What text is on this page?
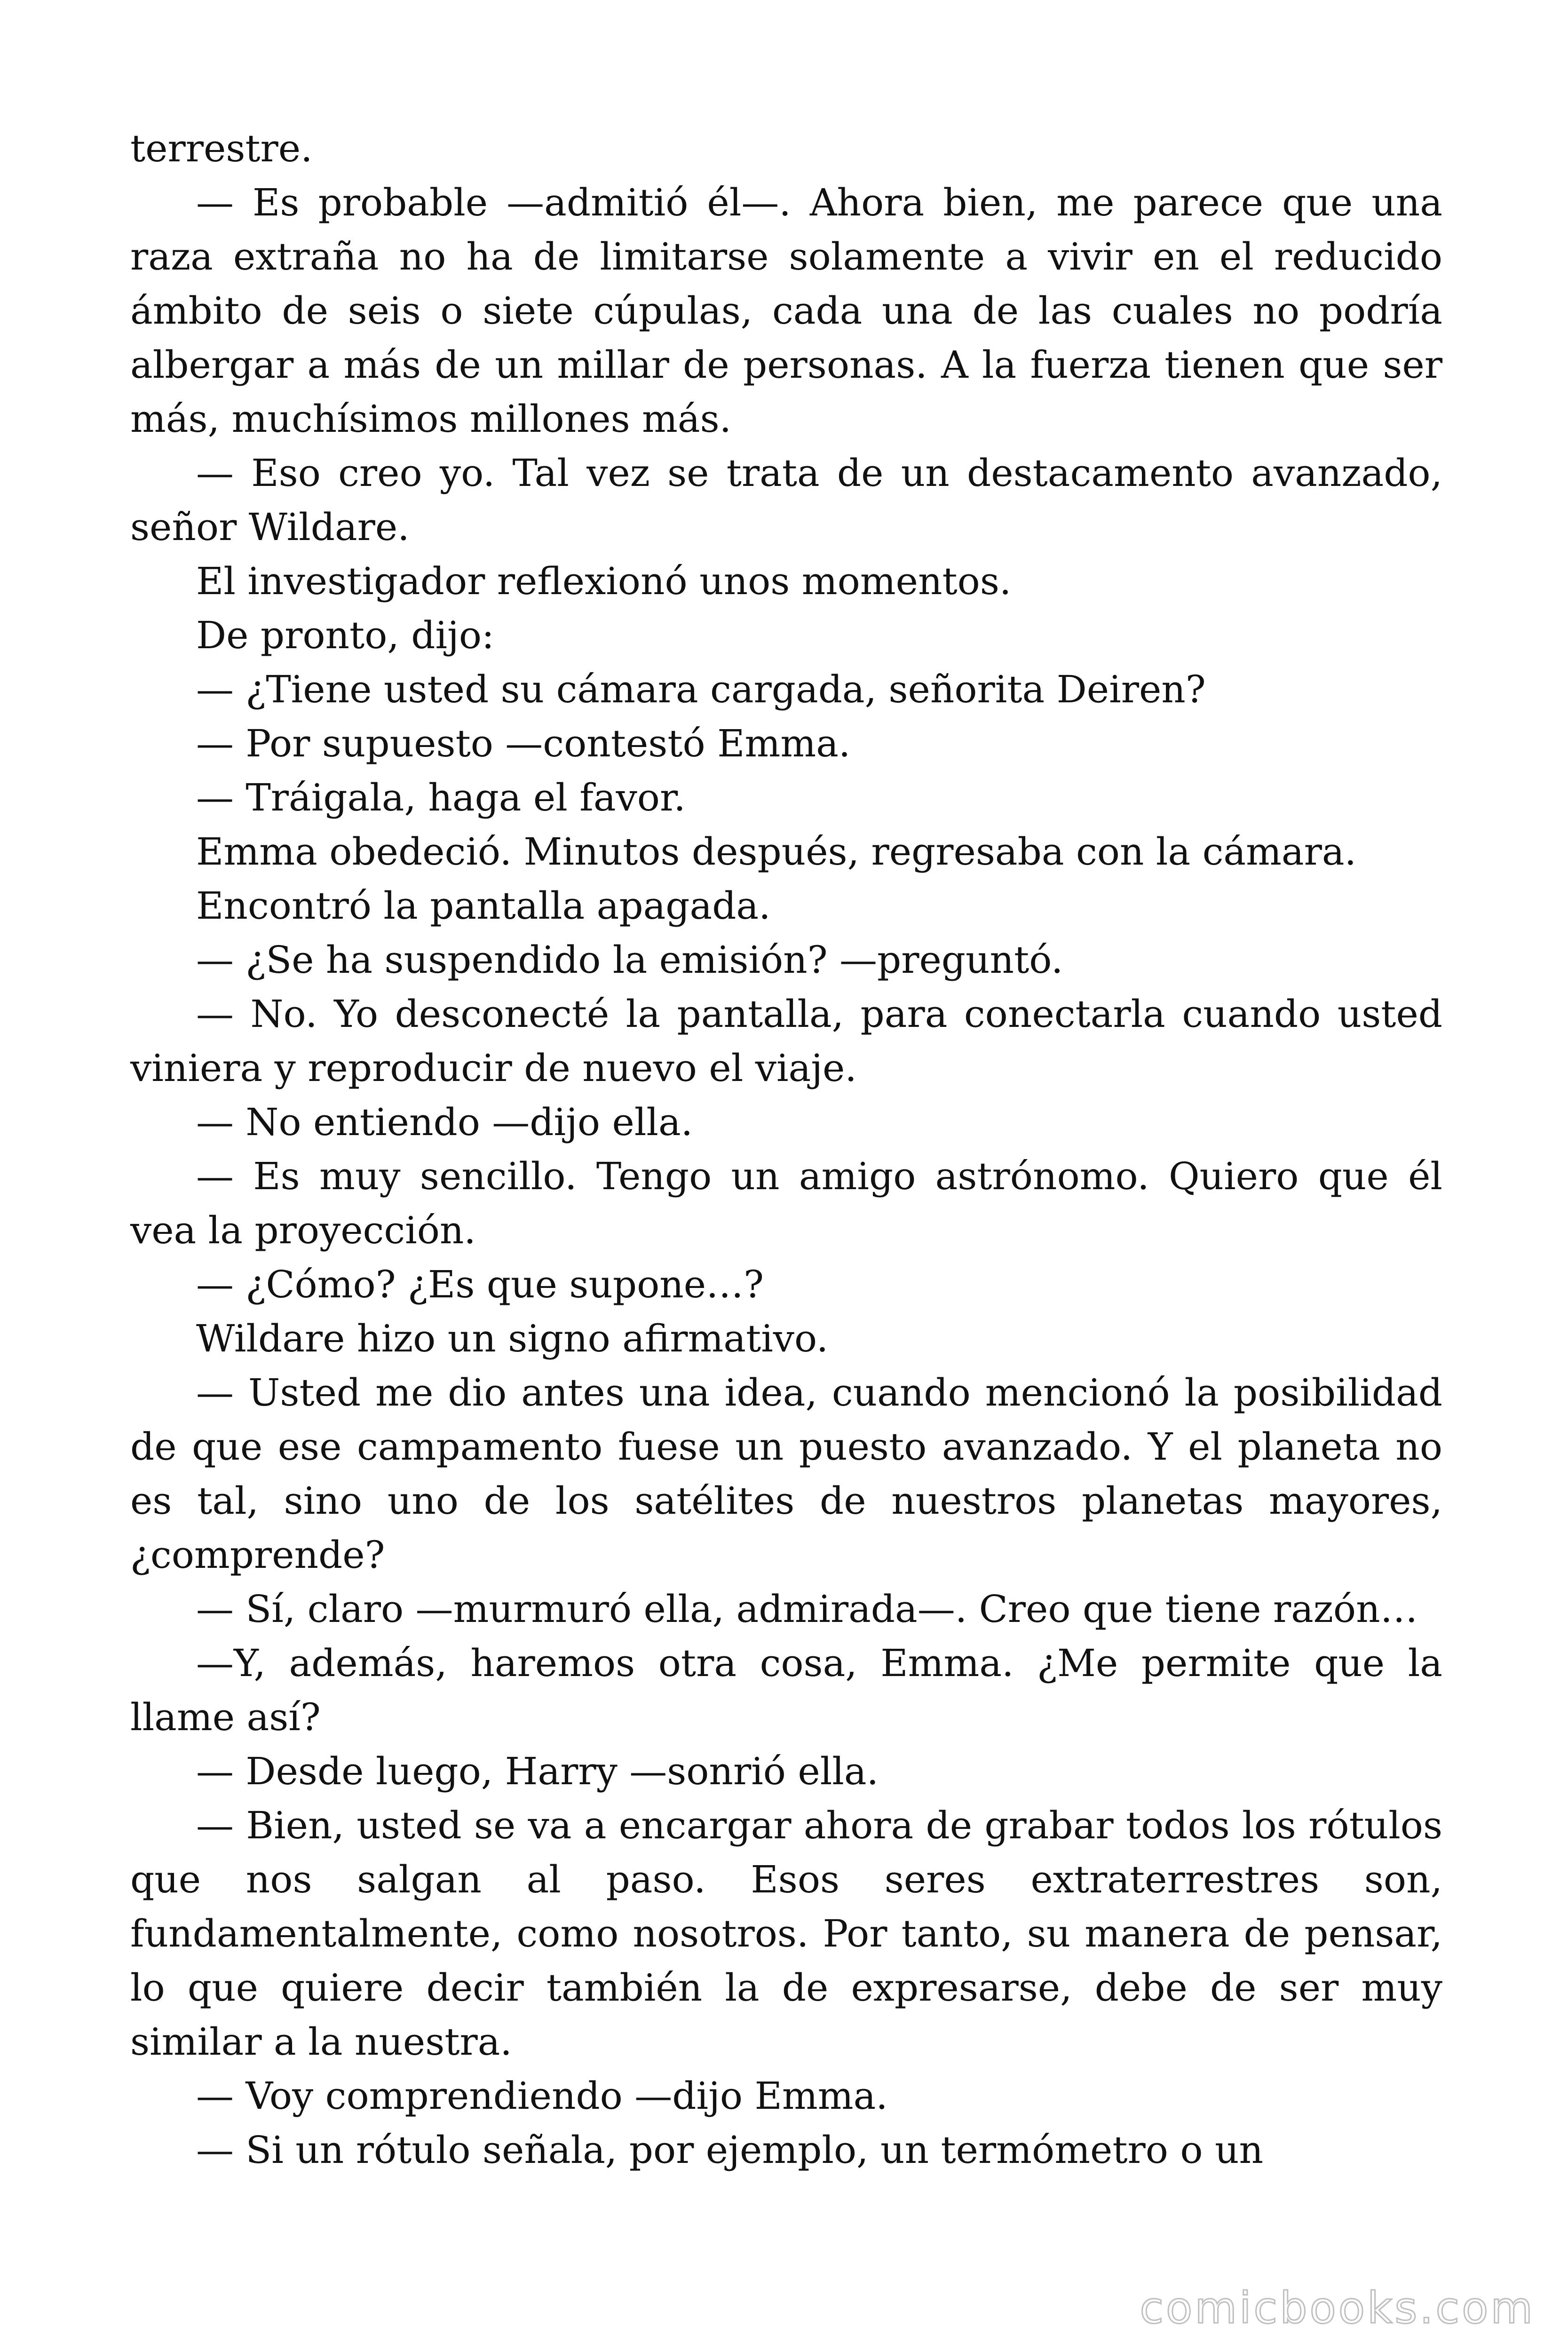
terrestre.

— Es probable —admitió él—. Ahora bien, me parece que una raza extraña no ha de limitarse solamente a vivir en el reducido ámbito de seis o siete cúpulas, cada una de las cuales no podría albergar a más de un millar de personas. A la fuerza tienen que ser más, muchísimos millones más.

— Eso creo yo. Tal vez se trata de un destacamento avanzado, señor Wildare.

El investigador reflexionó unos momentos.

De pronto, dijo:

— ¿Tiene usted su cámara cargada, señorita Deiren?

— Por supuesto —contestó Emma.

— Tráigala, haga el favor.

Emma obedeció. Minutos después, regresaba con la cámara.

Encontró la pantalla apagada.

— ¿Se ha suspendido la emisión? —preguntó.

— No. Yo desconecté la pantalla, para conectarla cuando usted viniera y reproducir de nuevo el viaje.

— No entiendo —dijo ella.

— Es muy sencillo. Tengo un amigo astrónomo. Quiero que él vea la proyección.

— ¿Cómo? ¿Es que supone…?

Wildare hizo un signo afirmativo.

— Usted me dio antes una idea, cuando mencionó la posibilidad de que ese campamento fuese un puesto avanzado. Y el planeta no es tal, sino uno de los satélites de nuestros planetas mayores, ¿comprende?

— Sí, claro —murmuró ella, admirada—. Creo que tiene razón…

—Y, además, haremos otra cosa, Emma. ¿Me permite que la llame así?

— Desde luego, Harry —sonrió ella.

— Bien, usted se va a encargar ahora de grabar todos los rótulos que nos salgan al paso. Esos seres extraterrestres son, fundamentalmente, como nosotros. Por tanto, su manera de pensar, lo que quiere decir también la de expresarse, debe de ser muy similar a la nuestra.

— Voy comprendiendo —dijo Emma.

— Si un rótulo señala, por ejemplo, un termómetro o un

comicbooks.com
